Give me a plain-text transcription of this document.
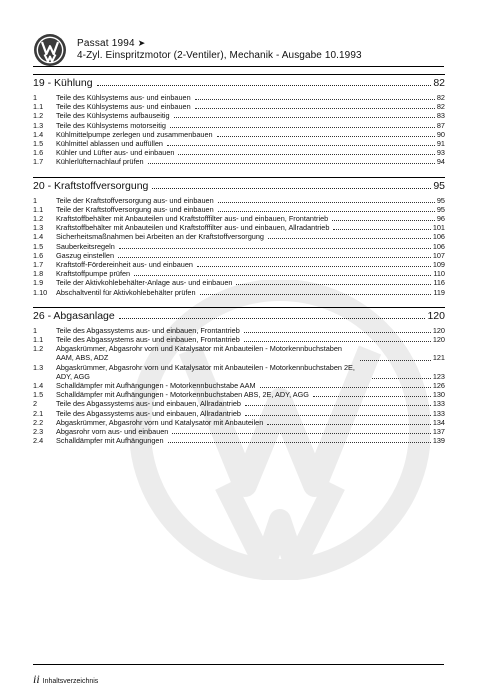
Passat 1994 ➤
4-Zyl. Einspritzmotor (2-Ventiler), Mechanik - Ausgabe 10.1993
19 - Kühlung	82
1	Teile des Kühlsystems aus- und einbauen	82
1.1	Teile des Kühlsystems aus- und einbauen	82
1.2	Teile des Kühlsystems aufbauseitig	83
1.3	Teile des Kühlsystems motorseitig	87
1.4	Kühlmittelpumpe zerlegen und zusammenbauen	90
1.5	Kühlmittel ablassen und auffüllen	91
1.6	Kühler und Lüfter aus- und einbauen	93
1.7	Kühlerlüfternachlauf prüfen	94
20 - Kraftstoffversorgung	95
1	Teile der Kraftstoffversorgung aus- und einbauen	95
1.1	Teile der Kraftstoffversorgung aus- und einbauen	95
1.2	Kraftstoffbehälter mit Anbauteilen und Kraftstofffilter aus- und einbauen, Frontantrieb	96
1.3	Kraftstoffbehälter mit Anbauteilen und Kraftstofffilter aus- und einbauen, Allradantrieb	101
1.4	Sicherheitsmaßnahmen bei Arbeiten an der Kraftstoffversorgung	106
1.5	Sauberkeitsregeln	106
1.6	Gaszug einstellen	107
1.7	Kraftstoff-Fördereinheit aus- und einbauen	109
1.8	Kraftstoffpumpe prüfen	110
1.9	Teile der Aktivkohlebehälter-Anlage aus- und einbauen	116
1.10	Abschaltventil für Aktivkohlebehälter prüfen	119
26 - Abgasanlage	120
1	Teile des Abgassystems aus- und einbauen, Frontantrieb	120
1.1	Teile des Abgassystems aus- und einbauen, Frontantrieb	120
1.2	Abgaskrümmer, Abgasrohr vorn und Katalysator mit Anbauteilen - Motorkennbuchstaben AAM, ABS, ADZ	121
1.3	Abgaskrümmer, Abgasrohr vorn und Katalysator mit Anbauteilen - Motorkennbuchstaben 2E, ADY, AGG	123
1.4	Schalldämpfer mit Aufhängungen - Motorkennbuchstabe AAM	126
1.5	Schalldämpfer mit Aufhängungen - Motorkennbuchstaben ABS, 2E, ADY, AGG	130
2	Teile des Abgassystems aus- und einbauen, Allradantrieb	133
2.1	Teile des Abgassystems aus- und einbauen, Allradantrieb	133
2.2	Abgaskrümmer, Abgasrohr vorn und Katalysator mit Anbauteilen	134
2.3	Abgasrohr vorn aus- und einbauen	137
2.4	Schalldämpfer mit Aufhängungen	139
ii Inhaltsverzeichnis
